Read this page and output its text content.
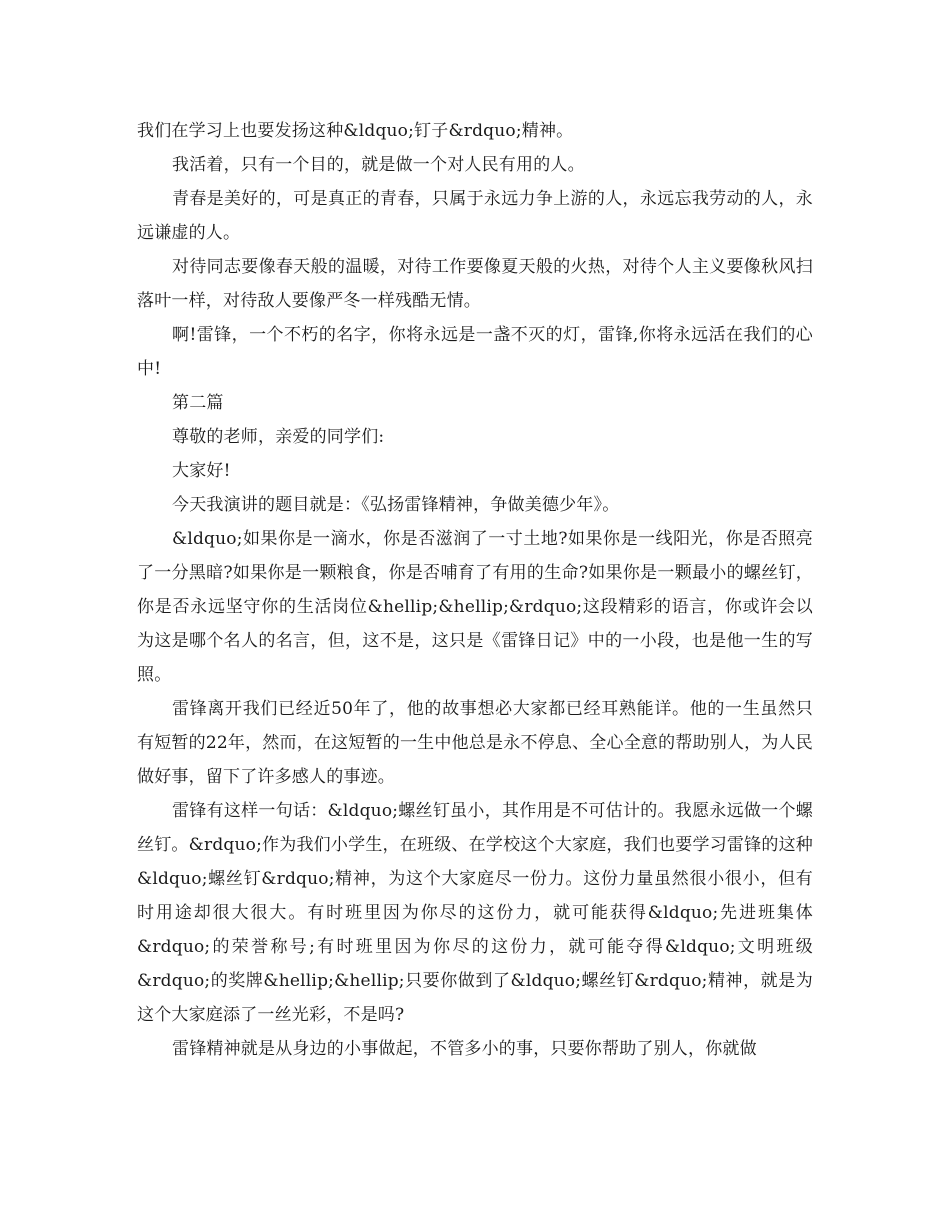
我们在学习上也要发扬这种&ldquo;钉子&rdquo;精神。

我活着，只有一个目的，就是做一个对人民有用的人。

青春是美好的，可是真正的青春，只属于永远力争上游的人，永远忘我劳动的人，永远谦虚的人。

对待同志要像春天般的温暖，对待工作要像夏天般的火热，对待个人主义要像秋风扫落叶一样，对待敌人要像严冬一样残酷无情。

啊!雷锋，一个不朽的名字，你将永远是一盏不灭的灯，雷锋,你将永远活在我们的心中!

第二篇

尊敬的老师，亲爱的同学们:

大家好!

今天我演讲的题目就是：《弘扬雷锋精神，争做美德少年》。

&ldquo;如果你是一滴水，你是否滋润了一寸土地?如果你是一线阳光，你是否照亮了一分黑暗?如果你是一颗粮食，你是否哺育了有用的生命?如果你是一颗最小的螺丝钉，你是否永远坚守你的生活岗位&hellip;&hellip;&rdquo;这段精彩的语言，你或许会以为这是哪个名人的名言，但，这不是，这只是《雷锋日记》中的一小段，也是他一生的写照。

雷锋离开我们已经近50年了，他的故事想必大家都已经耳熟能详。他的一生虽然只有短暂的22年，然而，在这短暂的一生中他总是永不停息、全心全意的帮助别人，为人民做好事，留下了许多感人的事迹。

雷锋有这样一句话：&ldquo;螺丝钉虽小，其作用是不可估计的。我愿永远做一个螺丝钉。&rdquo;作为我们小学生，在班级、在学校这个大家庭，我们也要学习雷锋的这种&ldquo;螺丝钉&rdquo;精神，为这个大家庭尽一份力。这份力量虽然很小很小，但有时用途却很大很大。有时班里因为你尽的这份力，就可能获得&ldquo;先进班集体&rdquo;的荣誉称号;有时班里因为你尽的这份力，就可能夺得&ldquo;文明班级&rdquo;的奖牌&hellip;&hellip;只要你做到了&ldquo;螺丝钉&rdquo;精神，就是为这个大家庭添了一丝光彩，不是吗?

雷锋精神就是从身边的小事做起，不管多小的事，只要你帮助了别人，你就做
